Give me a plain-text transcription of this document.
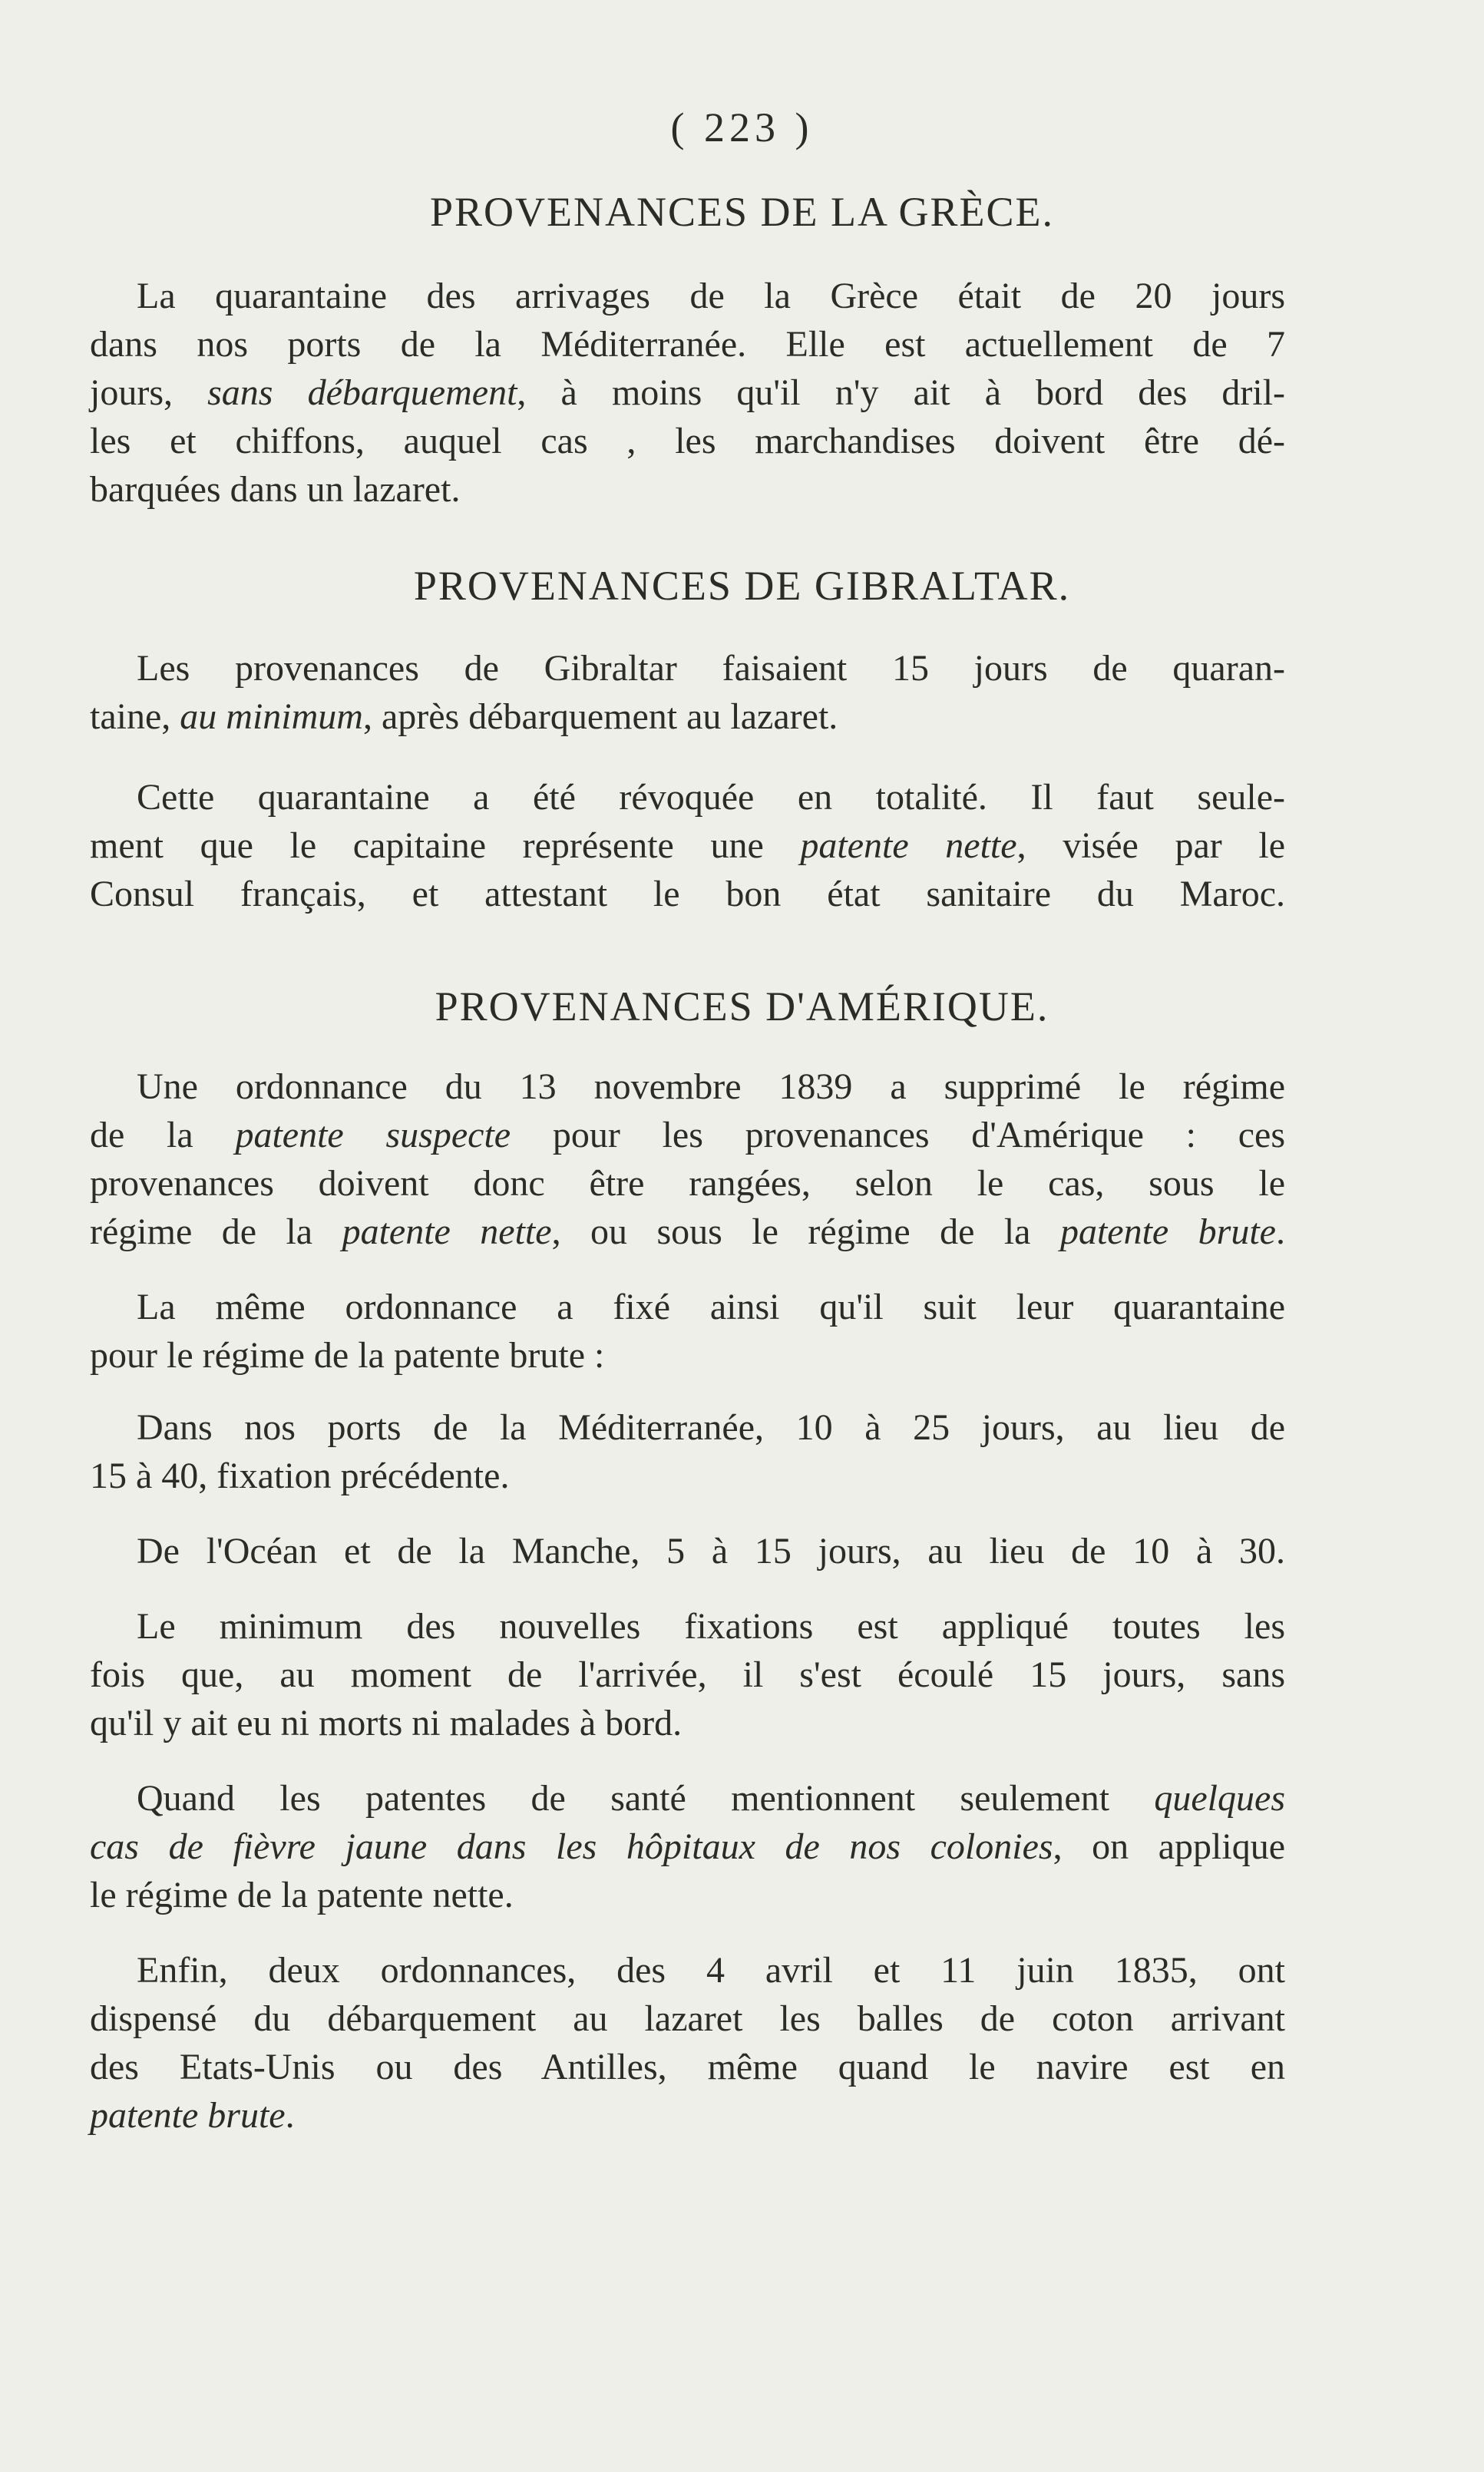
( 223 )
PROVENANCES DE LA GRÈCE.
La quarantaine des arrivages de la Grèce était de 20 jours
dans nos ports de la Méditerranée. Elle est actuellement de 7
jours, sans débarquement, à moins qu'il n'y ait à bord des dril-
les et chiffons, auquel cas , les marchandises doivent être dé-
barquées dans un lazaret.
PROVENANCES DE GIBRALTAR.
Les provenances de Gibraltar faisaient 15 jours de quaran-
taine, au minimum, après débarquement au lazaret.
Cette quarantaine a été révoquée en totalité. Il faut seule-
ment que le capitaine représente une patente nette, visée par le
Consul français, et attestant le bon état sanitaire du Maroc.
PROVENANCES D'AMÉRIQUE.
Une ordonnance du 13 novembre 1839 a supprimé le régime
de la patente suspecte pour les provenances d'Amérique : ces
provenances doivent donc être rangées, selon le cas, sous le
régime de la patente nette, ou sous le régime de la patente brute.
La même ordonnance a fixé ainsi qu'il suit leur quarantaine
pour le régime de la patente brute :
Dans nos ports de la Méditerranée, 10 à 25 jours, au lieu de
15 à 40, fixation précédente.
De l'Océan et de la Manche, 5 à 15 jours, au lieu de 10 à 30.
Le minimum des nouvelles fixations est appliqué toutes les
fois que, au moment de l'arrivée, il s'est écoulé 15 jours, sans
qu'il y ait eu ni morts ni malades à bord.
Quand les patentes de santé mentionnent seulement quelques
cas de fièvre jaune dans les hôpitaux de nos colonies, on applique
le régime de la patente nette.
Enfin, deux ordonnances, des 4 avril et 11 juin 1835, ont
dispensé du débarquement au lazaret les balles de coton arrivant
des Etats-Unis ou des Antilles, même quand le navire est en
patente brute.
